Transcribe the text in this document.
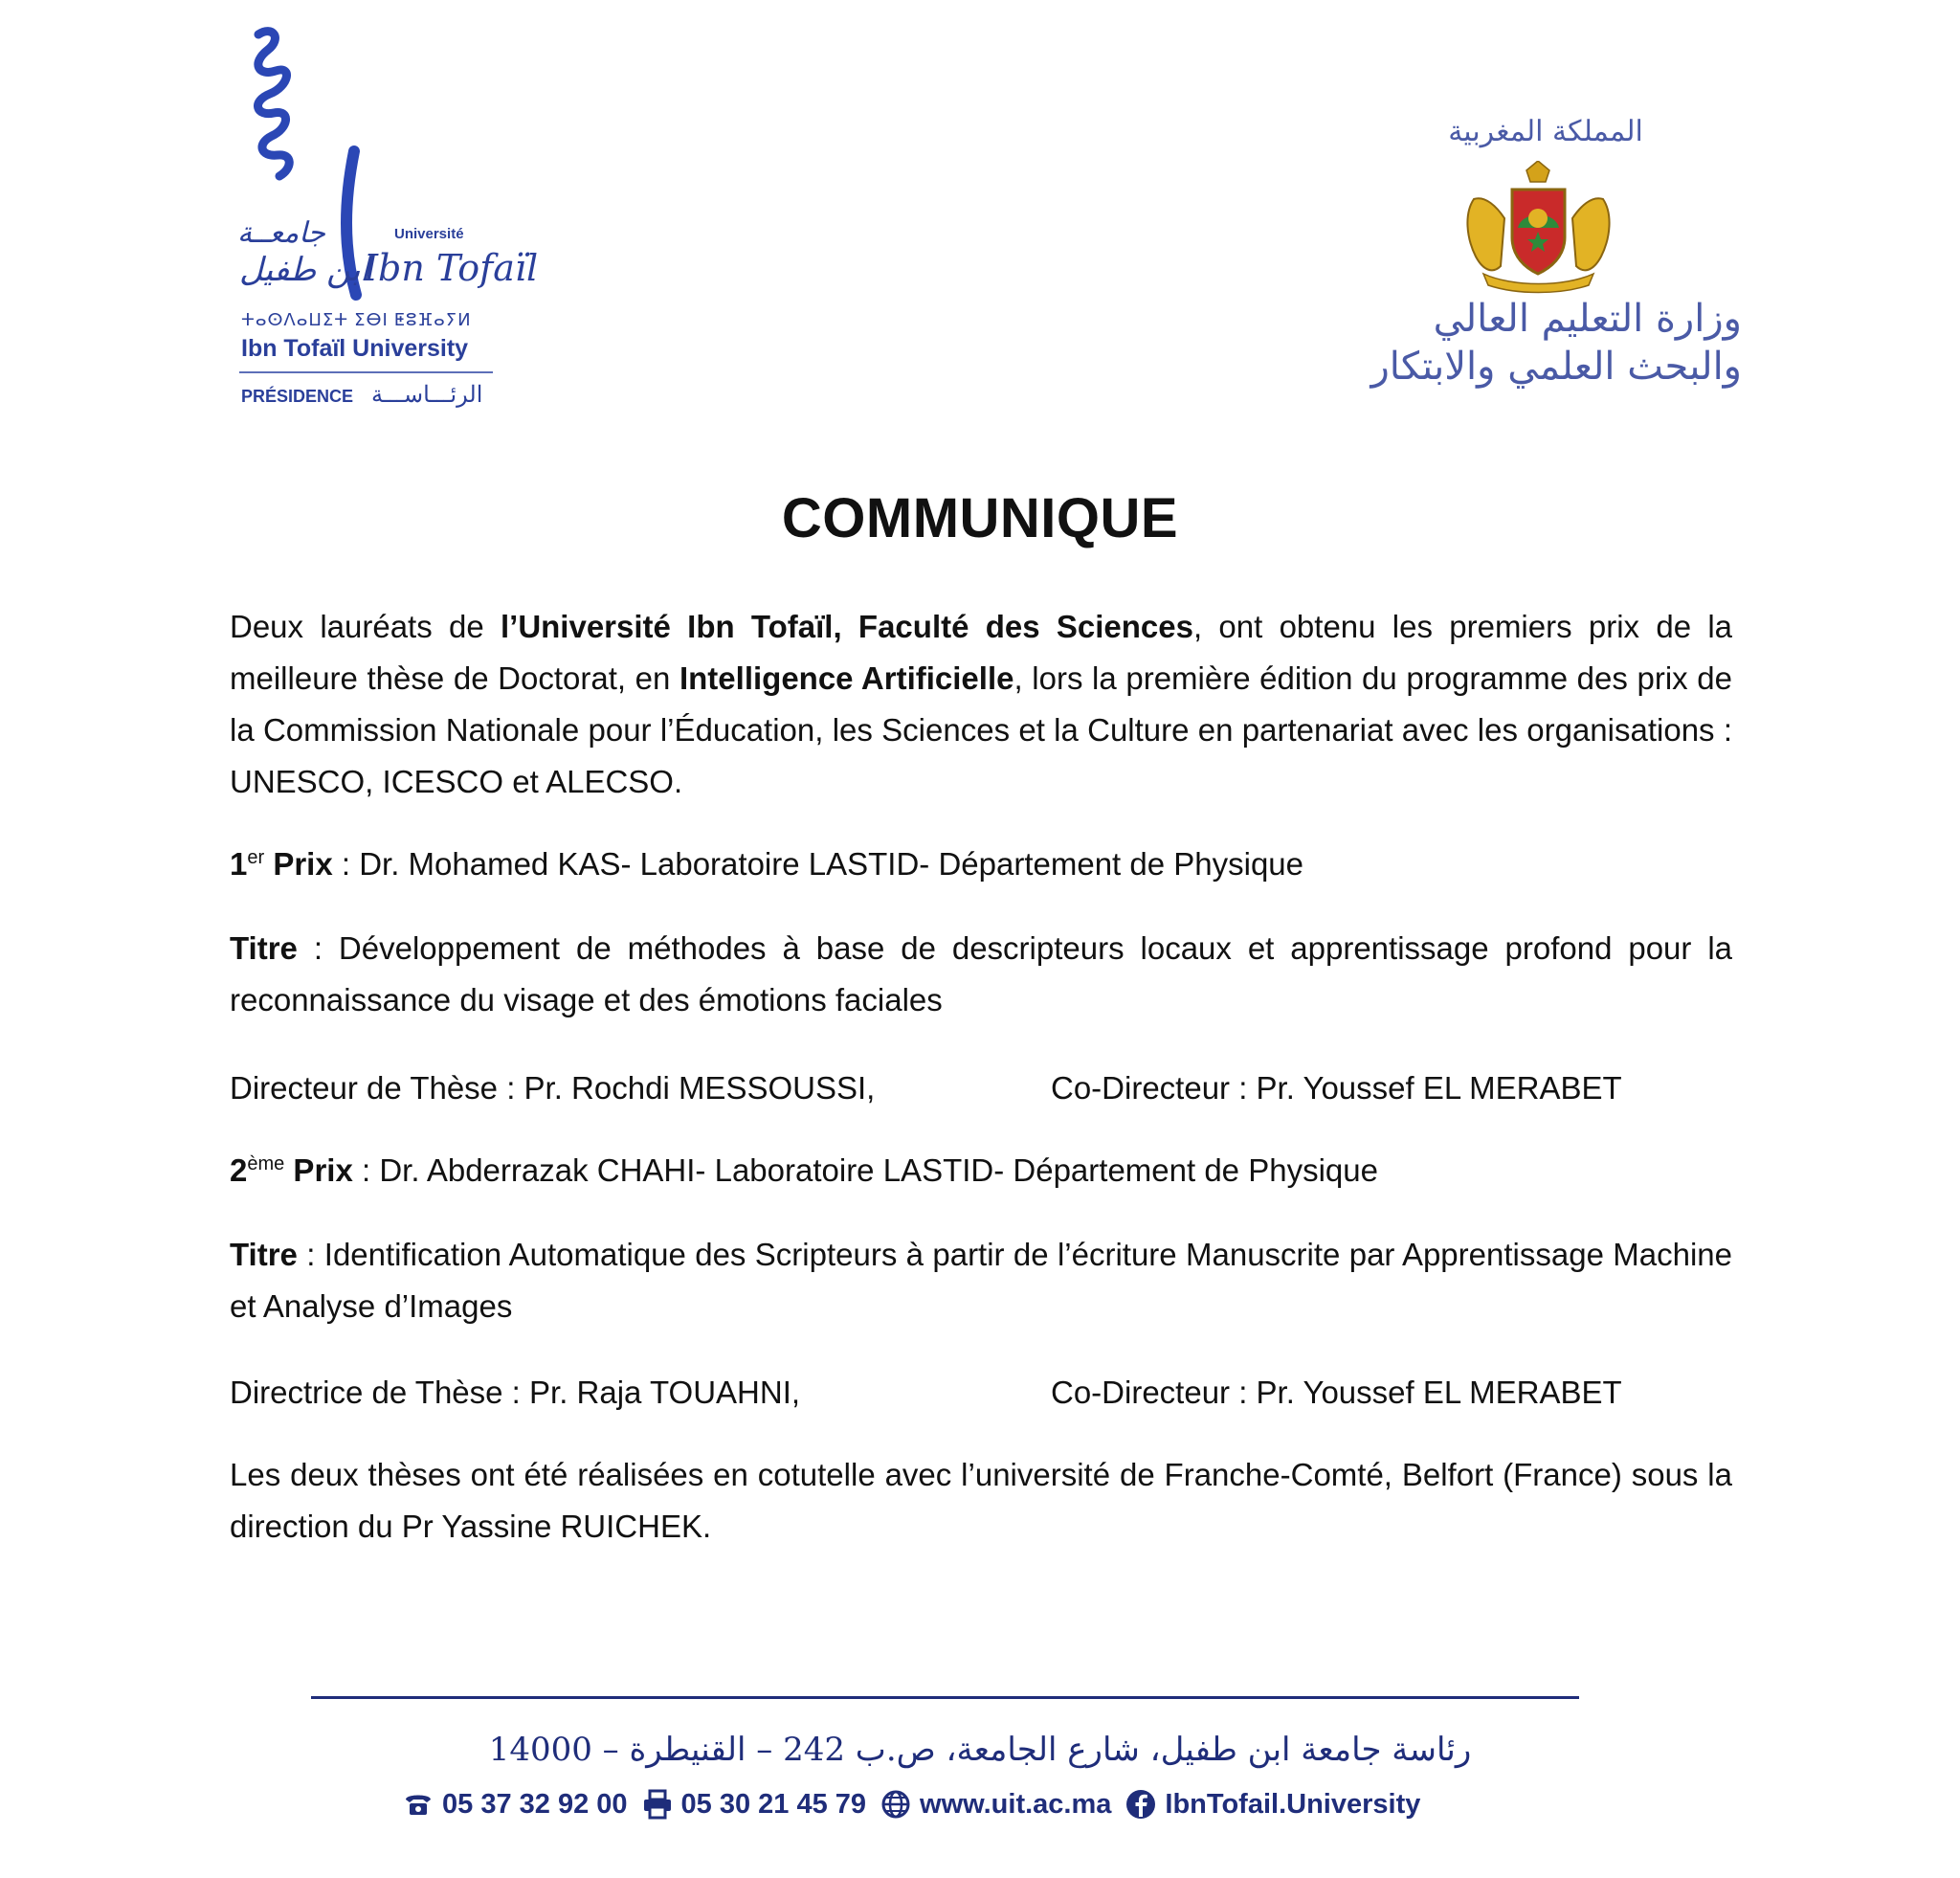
جامعــة	Université
ابن طفيل
Ibn Tofaïl
ⵜⴰⵙⴷⴰⵡⵉⵜ ⵉⴱⵏ ⵟⵓⴼⴰⵢⵍ
Ibn Tofaïl University
PRÉSIDENCE الرئـــاســـة
المملكة المغربية
وزارة التعليم العالي
والبحث العلمي والابتكار
COMMUNIQUE
Deux lauréats de l’Université Ibn Tofaïl, Faculté des Sciences, ont obtenu les premiers prix de la meilleure thèse de Doctorat, en Intelligence Artificielle, lors la première édition du programme des prix de la Commission Nationale pour l’Éducation, les Sciences et la Culture en partenariat avec les organisations : UNESCO, ICESCO et ALECSO.
1er Prix : Dr. Mohamed KAS- Laboratoire LASTID- Département de Physique
Titre : Développement de méthodes à base de descripteurs locaux et apprentissage profond pour la reconnaissance du visage et des émotions faciales
Directeur de Thèse : Pr. Rochdi MESSOUSSI,	Co-Directeur : Pr. Youssef EL MERABET
2ème Prix : Dr. Abderrazak CHAHI- Laboratoire LASTID- Département de Physique
Titre : Identification Automatique des Scripteurs à partir de l’écriture Manuscrite par Apprentissage Machine et Analyse d’Images
Directrice de Thèse : Pr. Raja TOUAHNI,	Co-Directeur : Pr. Youssef EL MERABET
Les deux thèses ont été réalisées en cotutelle avec l’université de Franche-Comté, Belfort (France) sous la direction du Pr Yassine RUICHEK.
رئاسة جامعة ابن طفيل، شارع الجامعة، ص.ب 242 – القنيطرة – 14000
05 37 32 92 00 05 30 21 45 79 www.uit.ac.ma IbnTofail.University
